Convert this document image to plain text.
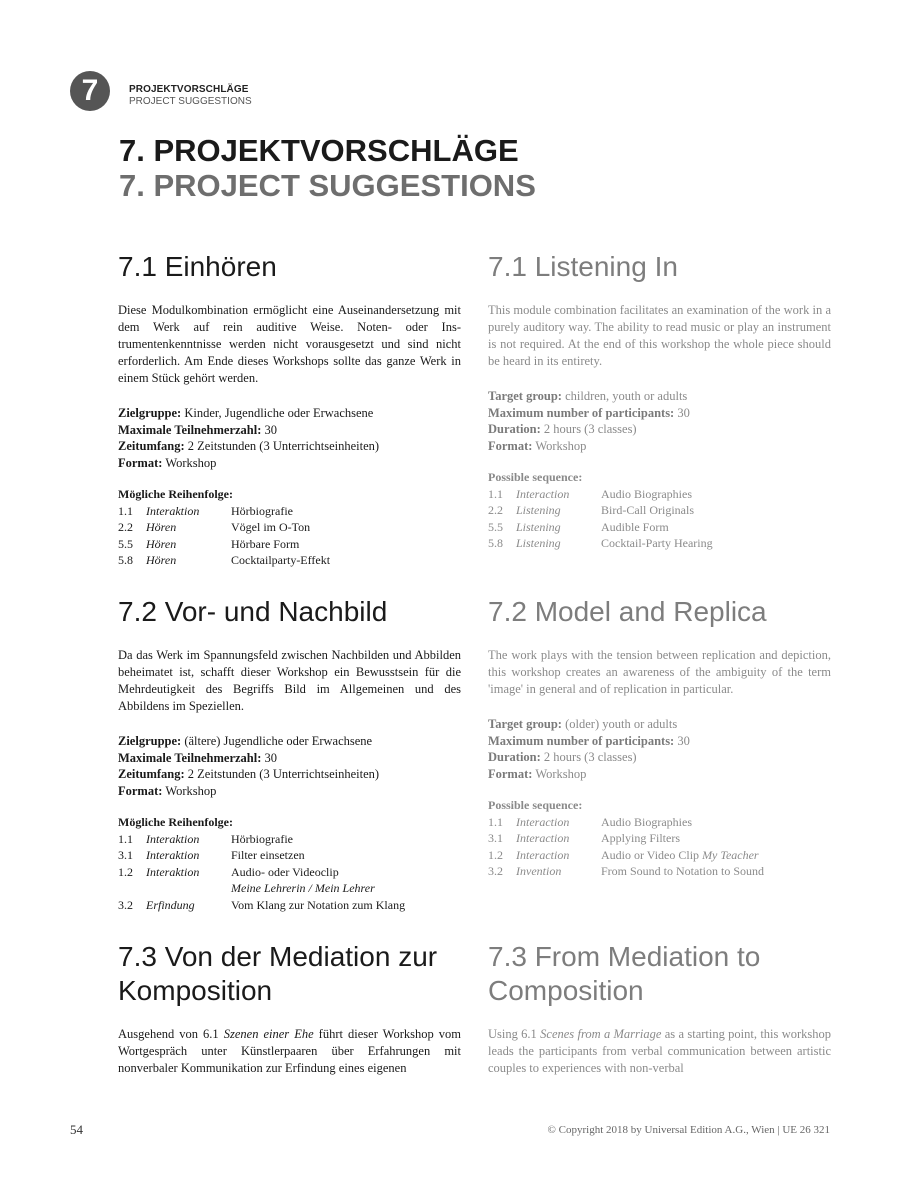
7	PROJEKTVORSCHLÄGE
PROJECT SUGGESTIONS
7. PROJEKTVORSCHLÄGE
7. PROJECT SUGGESTIONS
7.1 Einhören

Diese Modulkombination ermöglicht eine Auseinandersetzung mit dem Werk auf rein auditive Weise. Noten- oder Instrumentenkenntnisse werden nicht vorausgesetzt und sind nicht erforderlich. Am Ende dieses Workshops sollte das ganze Werk in einem Stück gehört werden.

Zielgruppe: Kinder, Jugendliche oder Erwachsene
Maximale Teilnehmerzahl: 30
Zeitumfang: 2 Zeitstunden (3 Unterrichtseinheiten)
Format: Workshop
Mögliche Reihenfolge:
1.1	Interaktion	Hörbiografie
2.2	Hören	Vögel im O-Ton
5.5	Hören	Hörbare Form
5.8	Hören	Cocktailparty-Effekt
7.2 Vor- und Nachbild

Da das Werk im Spannungsfeld zwischen Nachbilden und Abbilden beheimatet ist, schafft dieser Workshop ein Bewusstsein für die Mehrdeutigkeit des Begriffs Bild im Allgemeinen und des Abbildens im Speziellen.

Zielgruppe: (ältere) Jugendliche oder Erwachsene
Maximale Teilnehmerzahl: 30
Zeitumfang: 2 Zeitstunden (3 Unterrichtseinheiten)
Format: Workshop
Mögliche Reihenfolge:
1.1	Interaktion	Hörbiografie
3.1	Interaktion	Filter einsetzen
1.2	Interaktion	Audio- oder Videoclip
		Meine Lehrerin / Mein Lehrer
3.2	Erfindung	Vom Klang zur Notation zum Klang
7.3 Von der Mediation zur
Komposition

Ausgehend von 6.1 Szenen einer Ehe führt dieser Workshop vom Wortgespräch unter Künstlerpaaren über Erfahrungen mit nonverbaler Kommunikation zur Erfindung eines eigenen

7.1 Listening In

This module combination facilitates an examination of the work in a purely auditory way. The ability to read music or play an instrument is not required. At the end of this workshop the whole piece should be heard in its entirety.

Target group: children, youth or adults
Maximum number of participants: 30
Duration: 2 hours (3 classes)
Format: Workshop
Possible sequence:
1.1	Interaction	Audio Biographies
2.2	Listening	Bird-Call Originals
5.5	Listening	Audible Form
5.8	Listening	Cocktail-Party Hearing
7.2 Model and Replica

The work plays with the tension between replication and depiction, this workshop creates an awareness of the ambiguity of the term 'image' in general and of replication in particular.

Target group: (older) youth or adults
Maximum number of participants: 30
Duration: 2 hours (3 classes)
Format: Workshop
Possible sequence:
1.1	Interaction	Audio Biographies
3.1	Interaction	Applying Filters
1.2	Interaction	Audio or Video Clip My Teacher
3.2	Invention	From Sound to Notation to Sound
7.3 From Mediation to
Composition

Using 6.1 Scenes from a Marriage as a starting point, this workshop leads the participants from verbal communication between artistic couples to experiences with non-verbal

54	© Copyright 2018 by Universal Edition A.G., Wien | UE 26 321
